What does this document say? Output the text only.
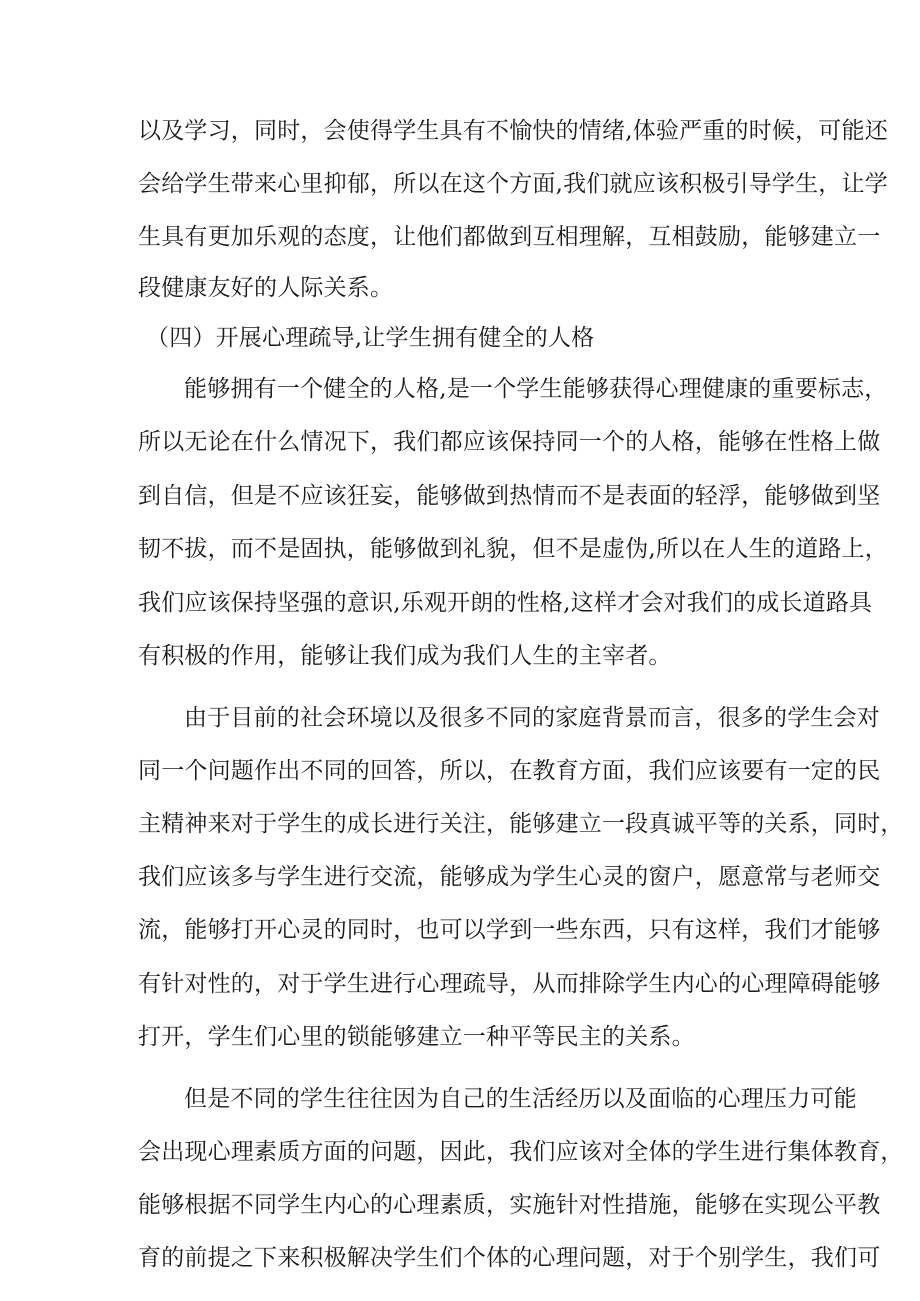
以及学习，同时，会使得学生具有不愉快的情绪,体验严重的时候，可能还
会给学生带来心里抑郁，所以在这个方面,我们就应该积极引导学生，让学
生具有更加乐观的态度，让他们都做到互相理解，互相鼓励，能够建立一
段健康友好的人际关系。
（四）开展心理疏导,让学生拥有健全的人格
能够拥有一个健全的人格,是一个学生能够获得心理健康的重要标志，
所以无论在什么情况下，我们都应该保持同一个的人格，能够在性格上做
到自信，但是不应该狂妄，能够做到热情而不是表面的轻浮，能够做到坚
韧不拔，而不是固执，能够做到礼貌，但不是虚伪,所以在人生的道路上，
我们应该保持坚强的意识,乐观开朗的性格,这样才会对我们的成长道路具
有积极的作用，能够让我们成为我们人生的主宰者。
由于目前的社会环境以及很多不同的家庭背景而言，很多的学生会对
同一个问题作出不同的回答，所以，在教育方面，我们应该要有一定的民
主精神来对于学生的成长进行关注，能够建立一段真诚平等的关系，同时，
我们应该多与学生进行交流，能够成为学生心灵的窗户，愿意常与老师交
流，能够打开心灵的同时，也可以学到一些东西，只有这样，我们才能够
有针对性的，对于学生进行心理疏导，从而排除学生内心的心理障碍能够
打开，学生们心里的锁能够建立一种平等民主的关系。
但是不同的学生往往因为自己的生活经历以及面临的心理压力可能
会出现心理素质方面的问题，因此，我们应该对全体的学生进行集体教育，
能够根据不同学生内心的心理素质，实施针对性措施，能够在实现公平教
育的前提之下来积极解决学生们个体的心理问题，对于个别学生，我们可
